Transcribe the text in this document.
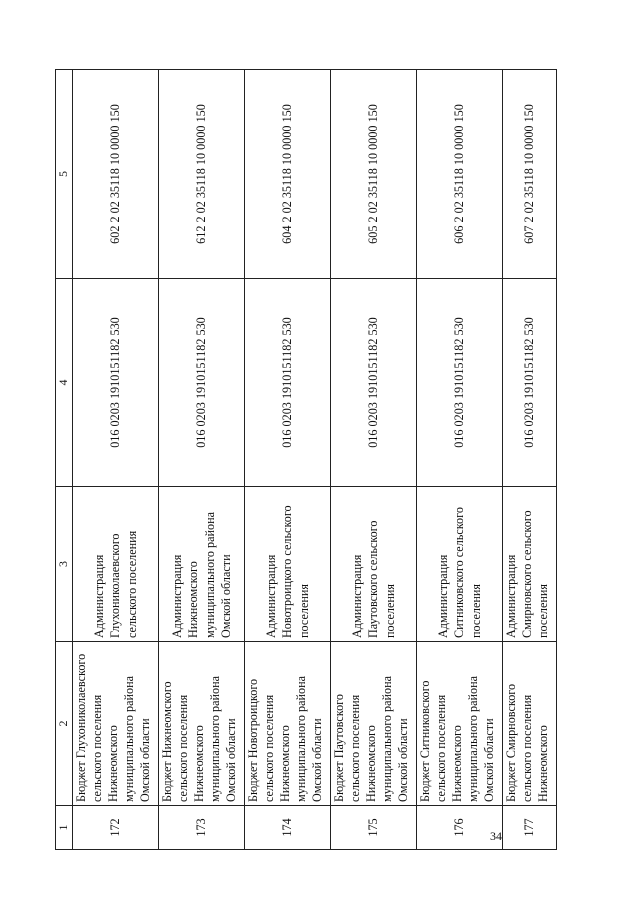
34
1	2	3	4	5
172	Бюджет Глухониколаевского сельского поселения Нижнеомского муниципального района Омской области	Администрация Глухониколаевского сельского поселения	016 0203 1910151182 530	602 2 02 35118 10 0000 150
173	Бюджет Нижнеомского сельского поселения Нижнеомского муниципального района Омской области	Администрация Нижнеомского муниципального района Омской области	016 0203 1910151182 530	612 2 02 35118 10 0000 150
174	Бюджет Новотроицкого сельского поселения Нижнеомского муниципального района Омской области	Администрация Новотроицкого сельского поселения	016 0203 1910151182 530	604 2 02 35118 10 0000 150
175	Бюджет Паутовского сельского поселения Нижнеомского муниципального района Омской области	Администрация Паутовского сельского поселения	016 0203 1910151182 530	605 2 02 35118 10 0000 150
176	Бюджет Ситниковского сельского поселения Нижнеомского муниципального района Омской области	Администрация Ситниковского сельского поселения	016 0203 1910151182 530	606 2 02 35118 10 0000 150
177	Бюджет Смирновского сельского поселения Нижнеомского	Администрация Смирновского сельского поселения	016 0203 1910151182 530	607 2 02 35118 10 0000 150
